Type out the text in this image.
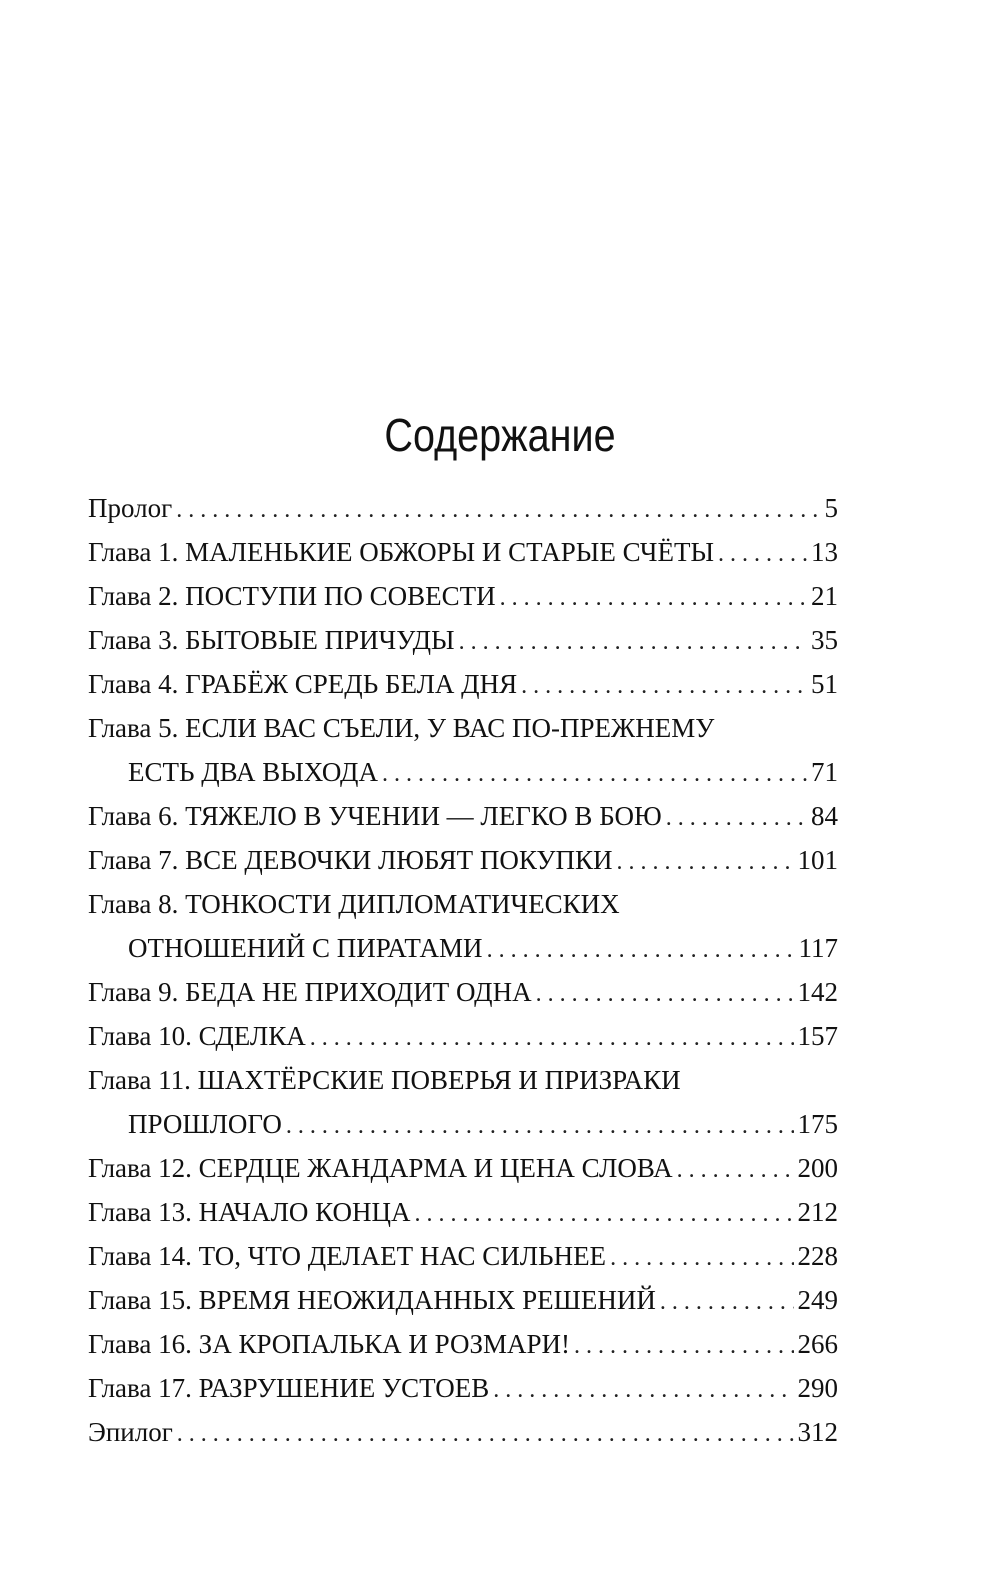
Содержание
Пролог . . .	5
Глава 1. МАЛЕНЬКИЕ ОБЖОРЫ И СТАРЫЕ СЧЁТЫ . . .	13
Глава 2. ПОСТУПИ ПО СОВЕСТИ . . .	21
Глава 3. БЫТОВЫЕ ПРИЧУДЫ . . .	35
Глава 4. ГРАБЁЖ СРЕДЬ БЕЛА ДНЯ . . .	51
Глава 5. ЕСЛИ ВАС СЪЕЛИ, У ВАС ПО-ПРЕЖНЕМУ
ЕСТЬ ДВА ВЫХОДА . . .	71
Глава 6. ТЯЖЕЛО В УЧЕНИИ — ЛЕГКО В БОЮ . . .	84
Глава 7. ВСЕ ДЕВОЧКИ ЛЮБЯТ ПОКУПКИ . . .	101
Глава 8. ТОНКОСТИ ДИПЛОМАТИЧЕСКИХ
ОТНОШЕНИЙ С ПИРАТАМИ . . .	117
Глава 9. БЕДА НЕ ПРИХОДИТ ОДНА . . .	142
Глава 10. СДЕЛКА . . .	157
Глава 11. ШАХТЁРСКИЕ ПОВЕРЬЯ И ПРИЗРАКИ
ПРОШЛОГО . . .	175
Глава 12. СЕРДЦЕ ЖАНДАРМА И ЦЕНА СЛОВА . . .	200
Глава 13. НАЧАЛО КОНЦА . . .	212
Глава 14. ТО, ЧТО ДЕЛАЕТ НАС СИЛЬНЕЕ . . .	228
Глава 15. ВРЕМЯ НЕОЖИДАННЫХ РЕШЕНИЙ . . .	249
Глава 16. ЗА КРОПАЛЬКА И РОЗМАРИ! . . .	266
Глава 17. РАЗРУШЕНИЕ УСТОЕВ . . .	290
Эпилог . . .	312
